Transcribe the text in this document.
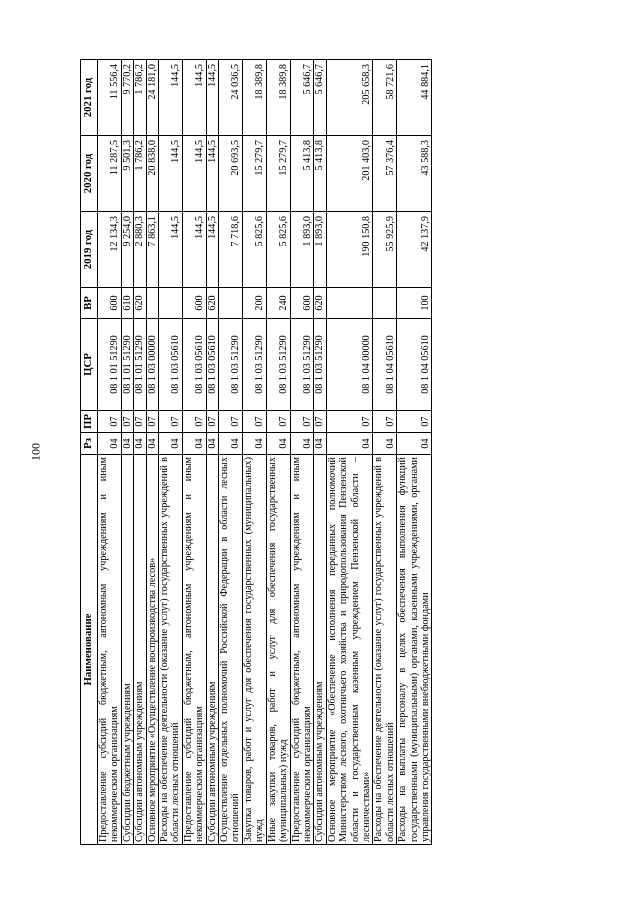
100
Наименование	Рз	ПР	ЦСР	ВР	2019 год	2020 год	2021 год
Предоставление субсидий бюджетным, автономным учреждениям и иным некоммерческим организациям	04	07	08 1 01 51290	600	12 134,3	11 287,5	11 556,4
Субсидии бюджетным учреждениям	04	07	08 1 01 51290	610	9 254,0	9 501,3	9 770,2
Субсидии автономным учреждениям	04	07	08 1 01 51290	620	2 880,3	1 786,2	1 786,2
Основное мероприятие «Осуществление воспроизводства лесов»	04	07	08 1 03 00000		7 863,1	20 838,0	24 181,0
Расходы на обеспечение деятельности (оказание услуг) государственных учреждений в области лесных отношений	04	07	08 1 03 05610		144,5	144,5	144,5
Предоставление субсидий бюджетным, автономным учреждениям и иным некоммерческим организациям	04	07	08 1 03 05610	600	144,5	144,5	144,5
Субсидии автономным учреждениям	04	07	08 1 03 05610	620	144,5	144,5	144,5
Осуществление отдельных полномочий Российской Федерации в области лесных отношений	04	07	08 1 03 51290		7 718,6	20 693,5	24 036,5
Закупка товаров, работ и услуг для обеспечения государственных (муниципальных) нужд	04	07	08 1 03 51290	200	5 825,6	15 279,7	18 389,8
Иные закупки товаров, работ и услуг для обеспечения государственных (муниципальных) нужд	04	07	08 1 03 51290	240	5 825,6	15 279,7	18 389,8
Предоставление субсидий бюджетным, автономным учреждениям и иным некоммерческим организациям	04	07	08 1 03 51290	600	1 893,0	5 413,8	5 646,7
Субсидии автономным учреждениям	04	07	08 1 03 51290	620	1 893,0	5 413,8	5 646,7
Основное мероприятие «Обеспечение исполнения переданных полномочий Министерством лесного, охотничьего хозяйства и природопользования Пензенской области и государственным казенным учреждением Пензенской области – лесничествами»	04	07	08 1 04 00000		190 150,8	201 403,0	205 658,3
Расходы на обеспечение деятельности (оказание услуг) государственных учреждений в области лесных отношений	04	07	08 1 04 05610		55 925,9	57 376,4	58 721,6
Расходы на выплаты персоналу в целях обеспечения выполнения функций государственными (муниципальными) органами, казенными учреждениями, органами управления государственными внебюджетными фондами	04	07	08 1 04 05610	100	42 137,9	43 588,3	44 884,1
